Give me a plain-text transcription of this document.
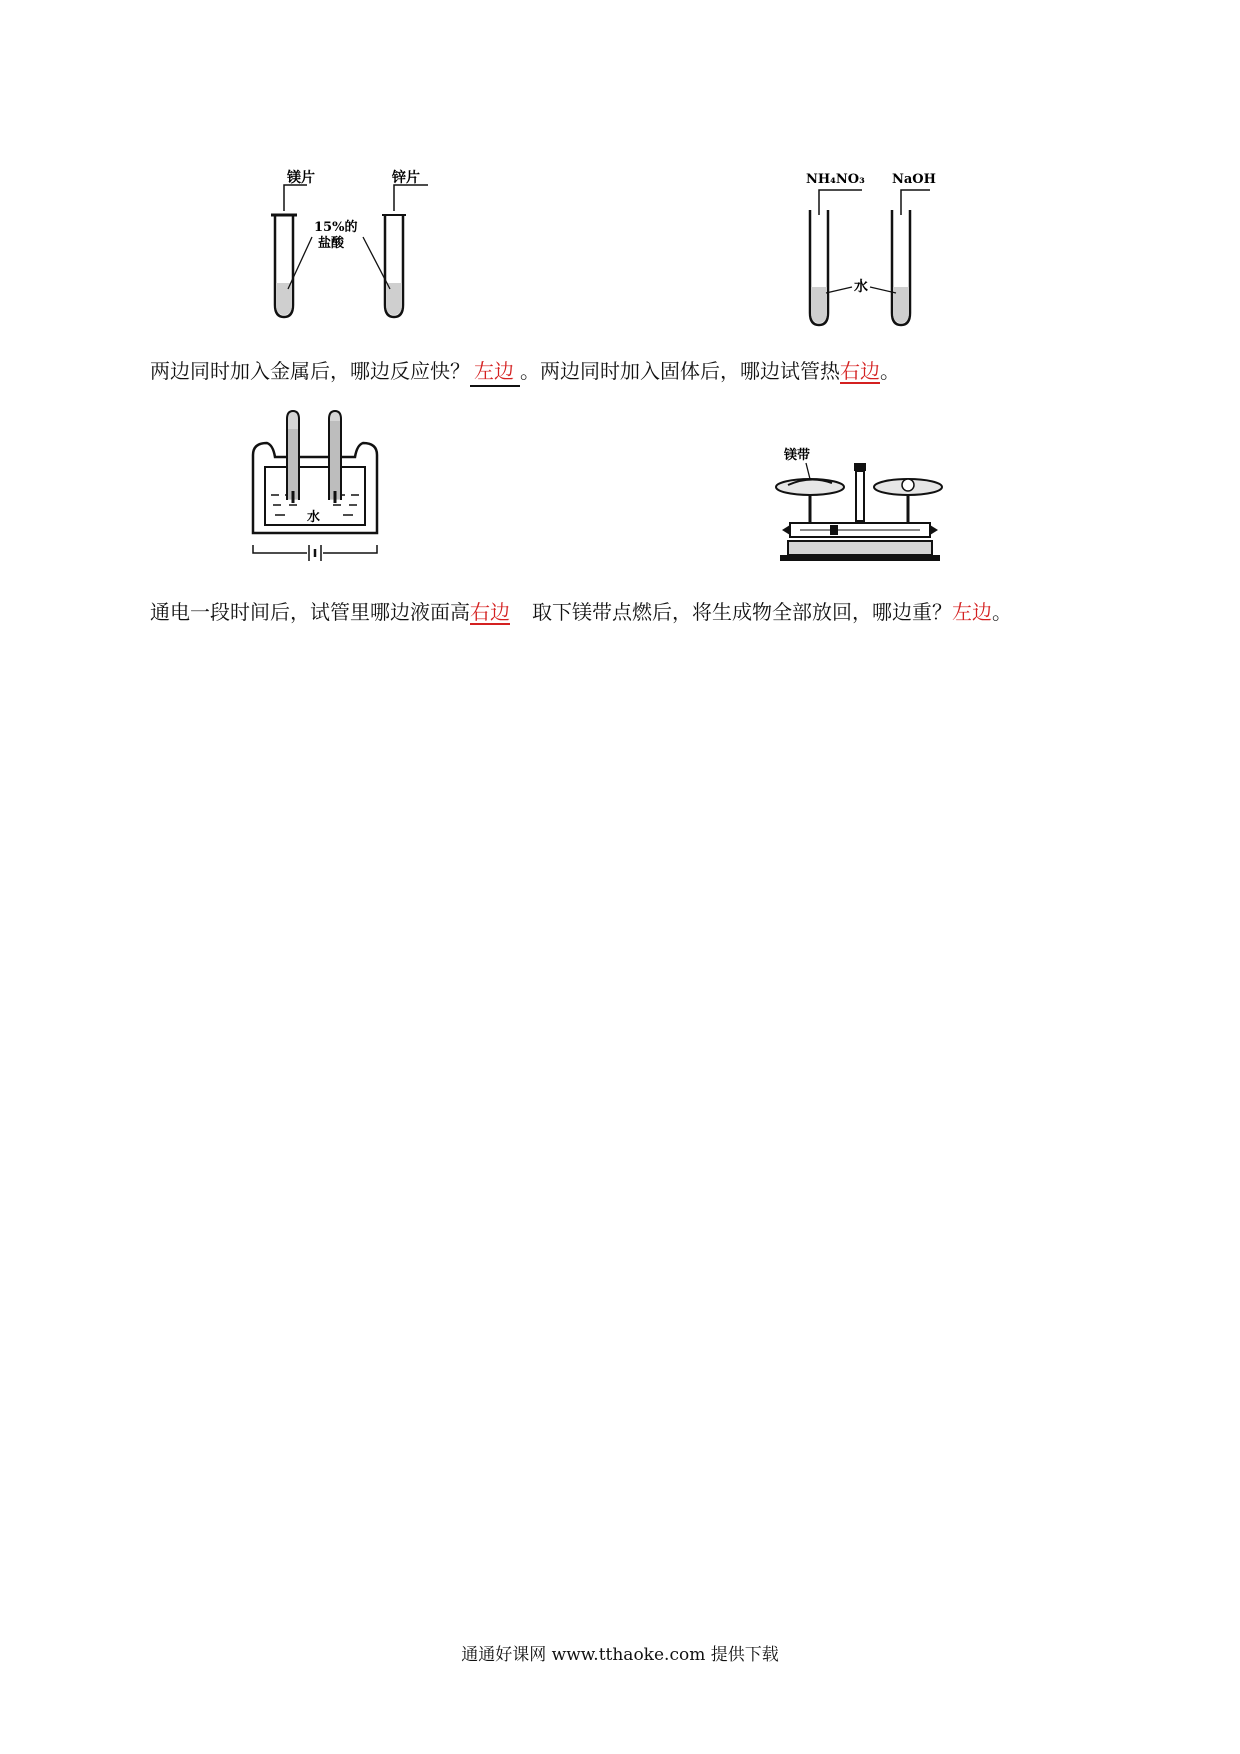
镁片	锌片
15%的
盐酸
NH₄NO₃ NaOH
水
两边同时加入金属后，哪边反应快？ 左边 。两边同时加入固体后，哪边试管热右边。
水
镁带
通电一段时间后，试管里哪边液面高右边 取下镁带点燃后，将生成物全部放回，哪边重？左边。
通通好课网 www.tthaoke.com 提供下载
